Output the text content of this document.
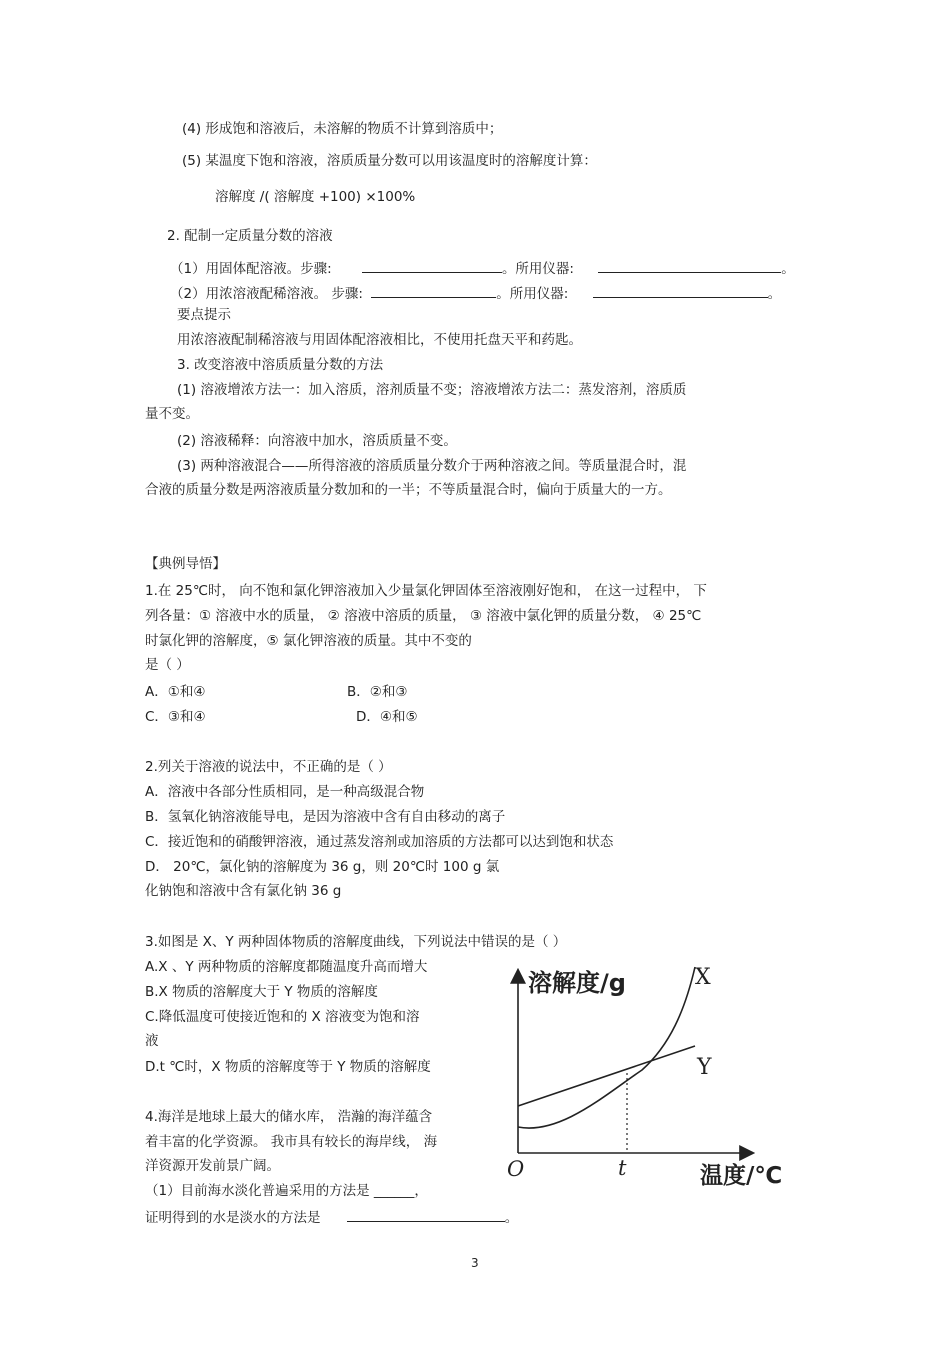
(4) 形成饱和溶液后，未溶解的物质不计算到溶质中；
(5) 某温度下饱和溶液，溶质质量分数可以用该温度时的溶解度计算：
溶解度 /( 溶解度 +100) ×100%
2. 配制一定质量分数的溶液
（1）用固体配溶液。步骤:	。所用仪器:	。
（2）用浓溶液配稀溶液。 步骤:	。所用仪器:	。
要点提示
用浓溶液配制稀溶液与用固体配溶液相比，不使用托盘天平和药匙。
3. 改变溶液中溶质质量分数的方法
(1) 溶液增浓方法一：加入溶质，溶剂质量不变；溶液增浓方法二：蒸发溶剂，溶质质
量不变。
(2) 溶液稀释：向溶液中加水，溶质质量不变。
(3) 两种溶液混合——所得溶液的溶质质量分数介于两种溶液之间。等质量混合时，混
合液的质量分数是两溶液质量分数加和的一半；不等质量混合时，偏向于质量大的一方。
【典例导悟】
1.在 25℃时， 向不饱和氯化钾溶液加入少量氯化钾固体至溶液刚好饱和， 在这一过程中， 下
列各量：① 溶液中水的质量， ② 溶液中溶质的质量， ③ 溶液中氯化钾的质量分数， ④ 25℃
时氯化钾的溶解度，⑤ 氯化钾溶液的质量。其中不变的
是（ ）
A．①和④	B．②和③
C．③和④	D．④和⑤
2.列关于溶液的说法中，不正确的是（ ）
A．溶液中各部分性质相同，是一种高级混合物
B．氢氧化钠溶液能导电，是因为溶液中含有自由移动的离子
C．接近饱和的硝酸钾溶液，通过蒸发溶剂或加溶质的方法都可以达到饱和状态
D． 20℃，氯化钠的溶解度为 36 g，则 20℃时 100 g 氯
化钠饱和溶液中含有氯化钠 36 g
3.如图是 X、Y 两种固体物质的溶解度曲线，下列说法中错误的是（ ）
A.X 、Y 两种物质的溶解度都随温度升高而增大
B.X 物质的溶解度大于 Y 物质的溶解度
C.降低温度可使接近饱和的 X 溶液变为饱和溶
液
D.t ℃时，X 物质的溶解度等于 Y 物质的溶解度
4.海洋是地球上最大的储水库， 浩瀚的海洋蕴含
着丰富的化学资源。 我市具有较长的海岸线， 海
洋资源开发前景广阔。
（1）目前海水淡化普遍采用的方法是 ______，
证明得到的水是淡水的方法是	。
溶解度/g	X
Y
O	t	温度/℃
3
